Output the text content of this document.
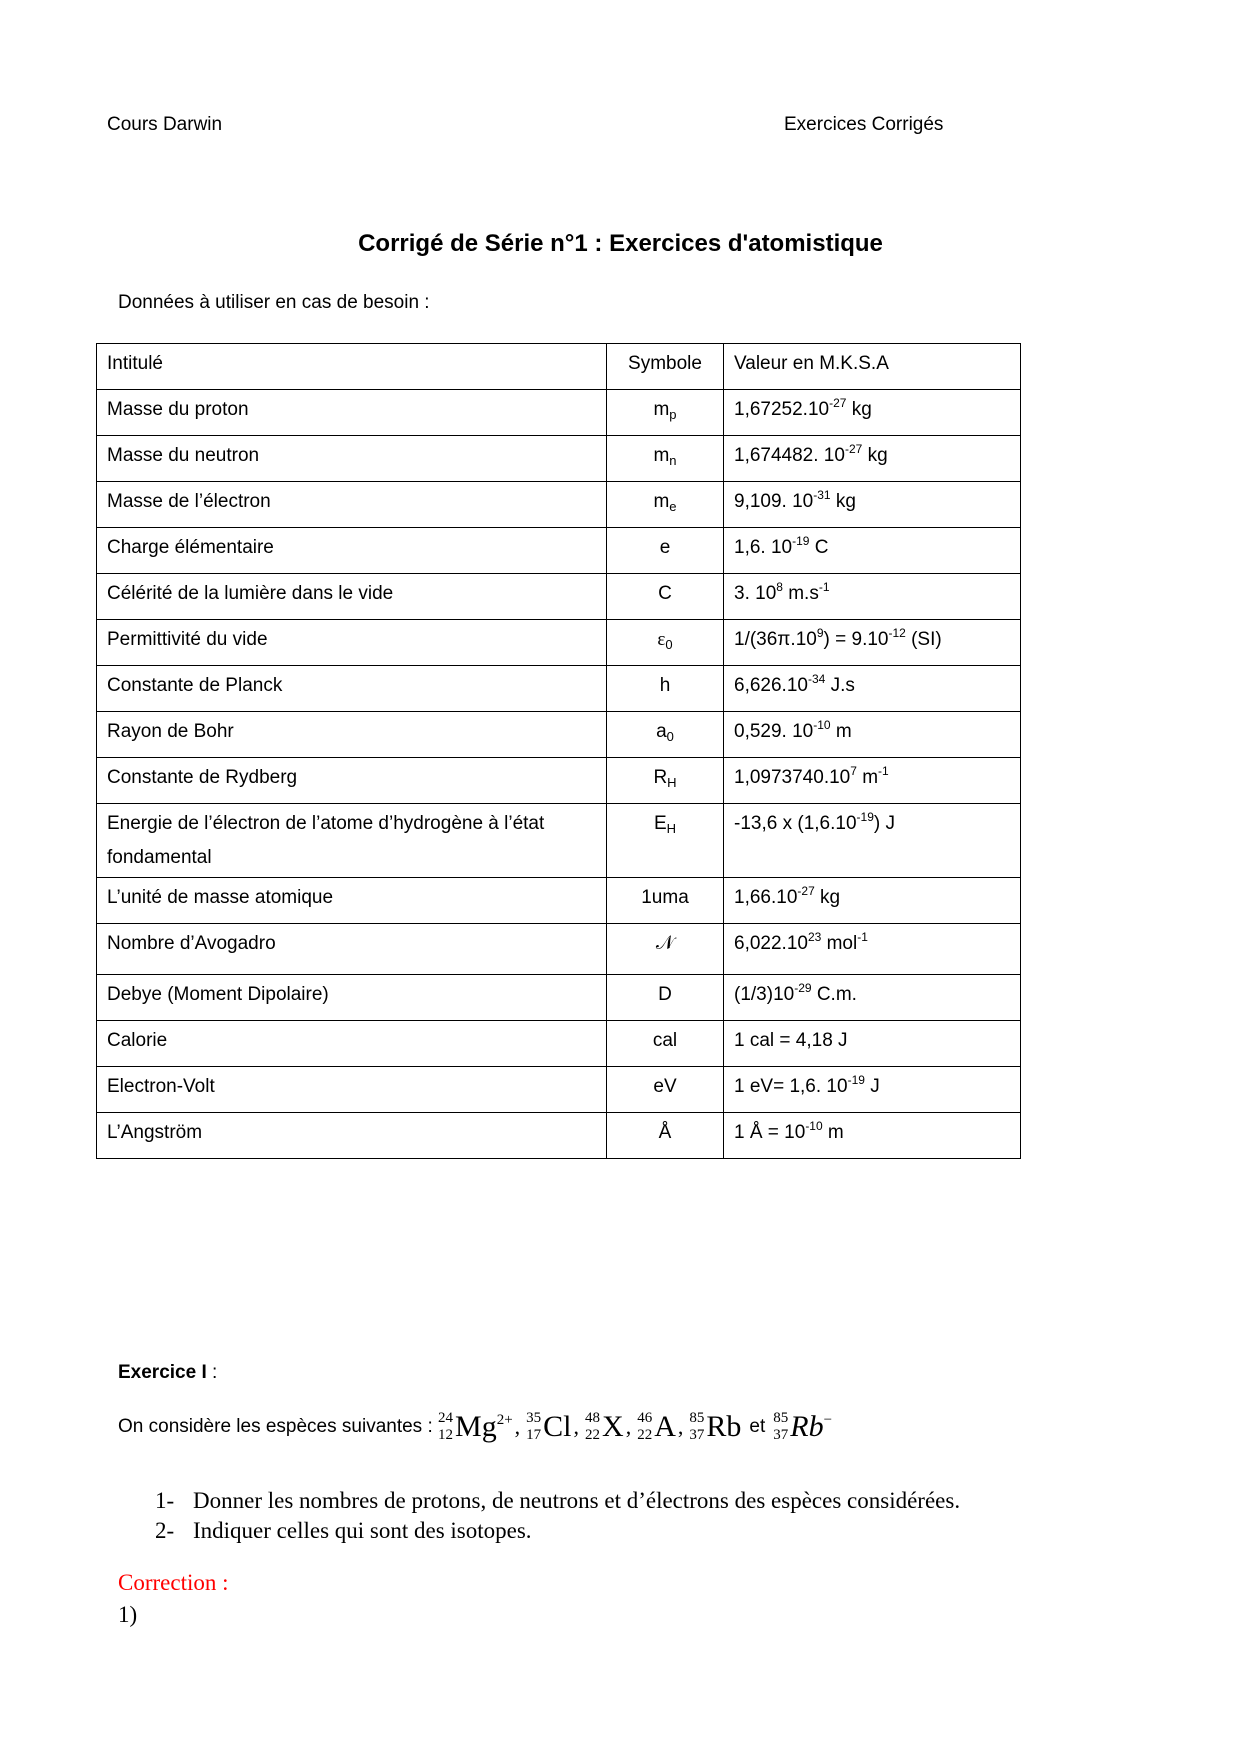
Cours Darwin	Exercices Corrigés
Corrigé de Série n°1 : Exercices d'atomistique
Données à utiliser en cas de besoin :
Intitulé	Symbole	Valeur en M.K.S.A
Masse du proton	$m_p$	$1,67252.10^{-27}$ kg
Masse du neutron	$m_n$	1,674482. $10^{-27}$ kg
Masse de l’électron	$m_e$	9,109. $10^{-31}$ kg
Charge élémentaire	e	1,6. $10^{-19}$ C
Célérité de la lumière dans le vide	C	3. $10^8$ $m.s^{-1}$
Permittivité du vide	$\varepsilon_0$	$1/(36\pi.10^9) = 9.10^{-12}$ (SI)
Constante de Planck	h	$6,626.10^{-34}$ J.s
Rayon de Bohr	$a_0$	0,529. $10^{-10}$ m
Constante de Rydberg	$R_H$	1,0973740.10$^7$ $m^{-1}$
Energie de l’électron de l’atome d’hydrogène à l’état fondamental	$E_H$	-13,6 x $(1,6.10^{-19})$ J
L’unité de masse atomique	1uma	$1,66.10^{-27}$ kg
Nombre d’Avogadro	𝒩	6,022.10$^{23}$ mol$^{-1}$
Debye (Moment Dipolaire)	D	$(1/3)10^{-29}$ C.m.
Calorie	cal	1 cal = 4,18 J
Electron-Volt	eV	1 eV= 1,6. $10^{-19}$ J
L’Angström	Å	1 Å = $10^{-10}$ m
Exercice I :
On considère les espèces suivantes :
24
12 Mg 2+ , 35
17 Cl , 48
22 X , 46
22 A , 85
37 Rb et 85
37 Rb −
1- Donner les nombres de protons, de neutrons et d’électrons des espèces considérées.
2- Indiquer celles qui sont des isotopes.
Correction :
1)
